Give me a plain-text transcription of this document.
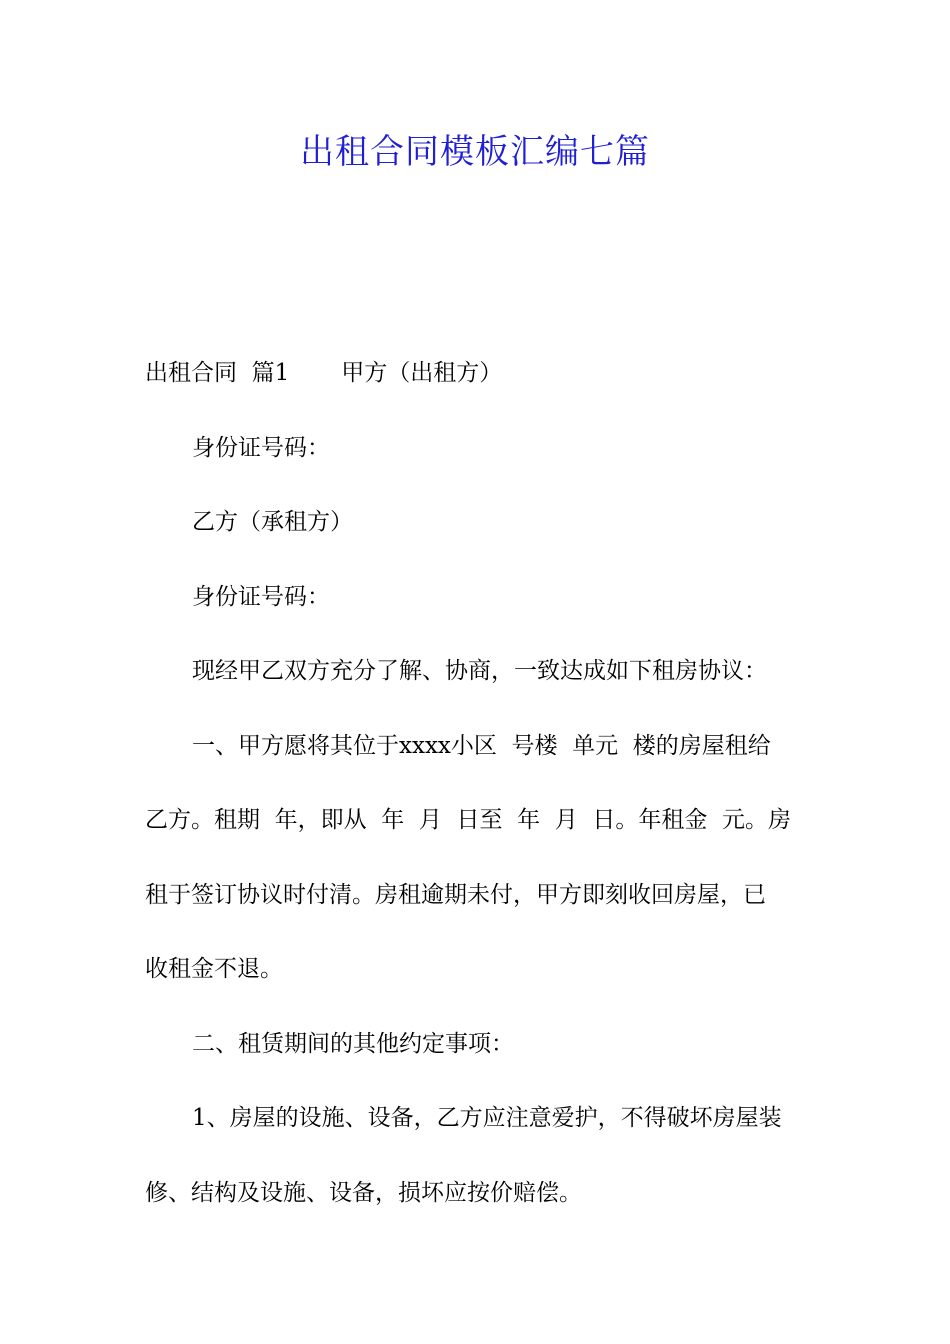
出租合同模板汇编七篇
出租合同  篇1 甲方（出租方）
身份证号码：
乙方（承租方）
身份证号码：
现经甲乙双方充分了解、协商，一致达成如下租房协议：
一、甲方愿将其位于xxxx小区  号楼  单元  楼的房屋租给
乙方。租期  年，即从  年  月  日至  年  月  日。年租金  元。房
租于签订协议时付清。房租逾期未付，甲方即刻收回房屋，已
收租金不退。
二、租赁期间的其他约定事项：
1、房屋的设施、设备，乙方应注意爱护，不得破坏房屋装
修、结构及设施、设备，损坏应按价赔偿。
